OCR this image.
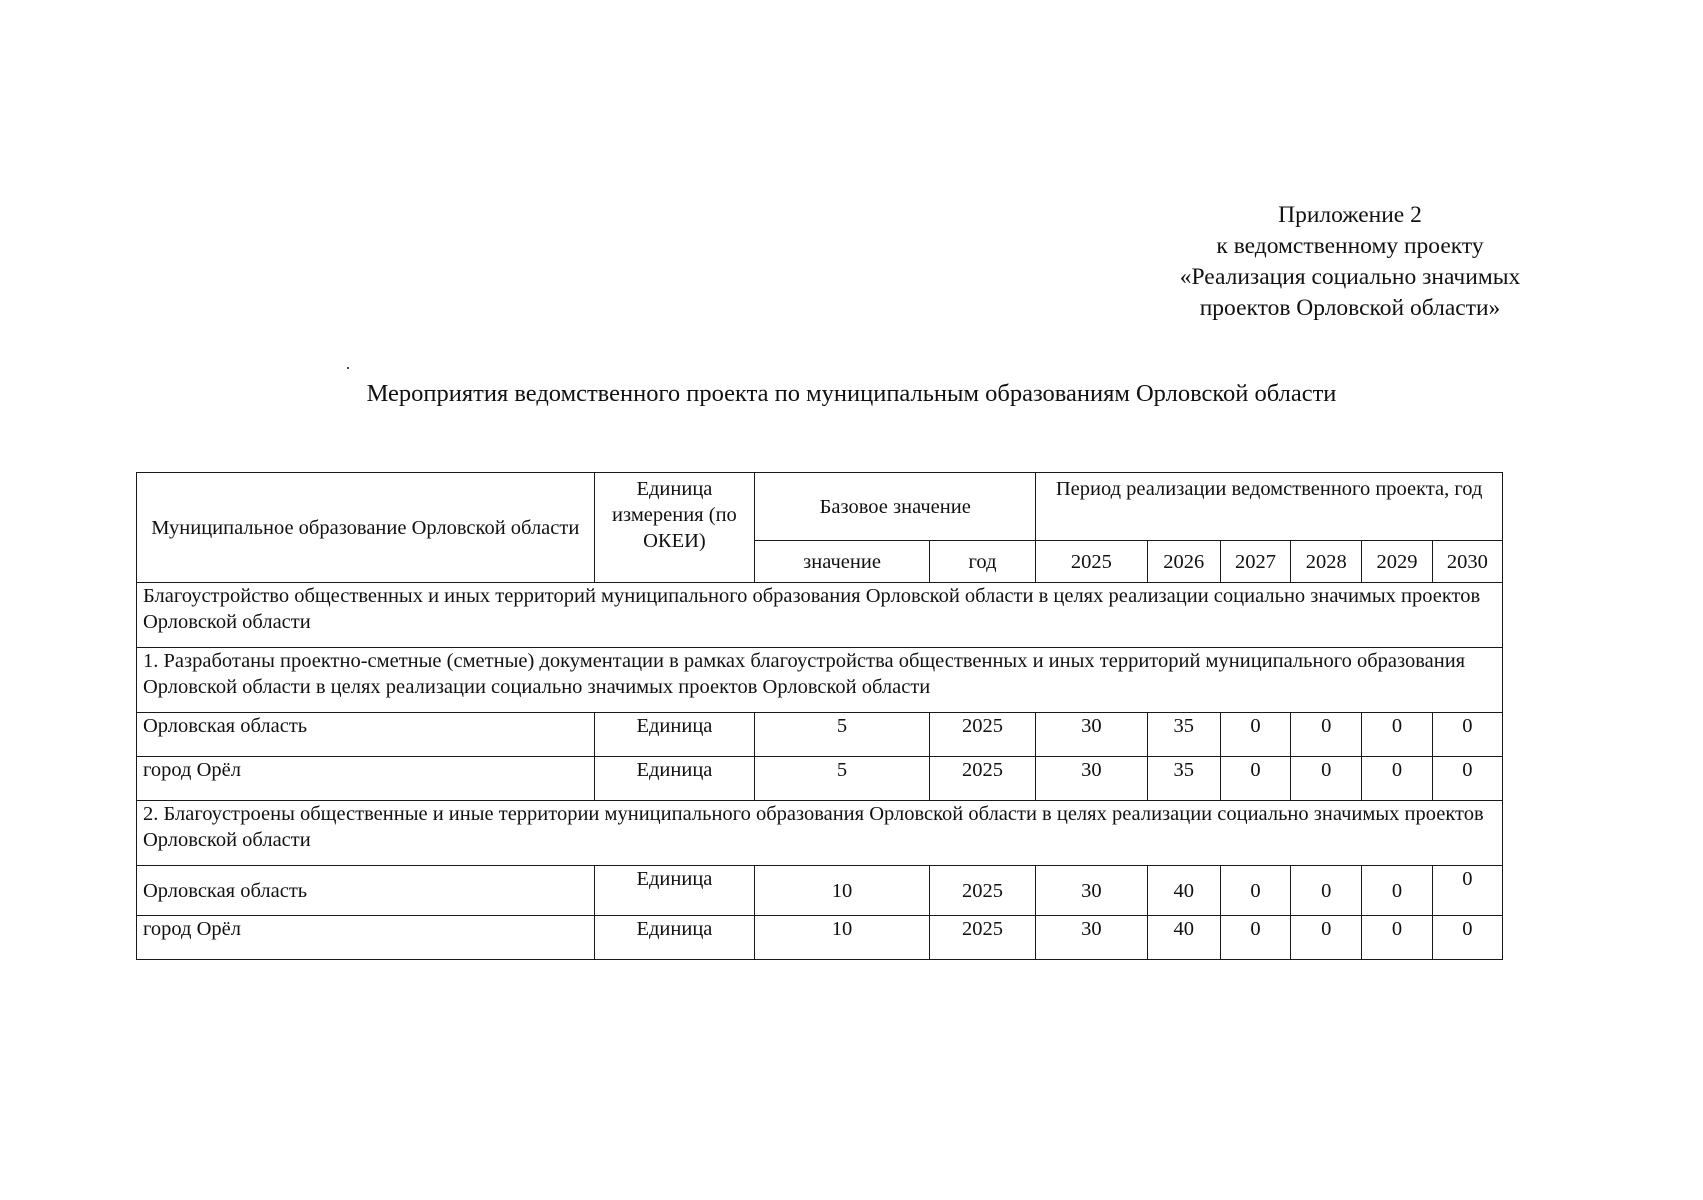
Приложение 2
к ведомственному проекту
«Реализация социально значимых
проектов Орловской области»
Мероприятия ведомственного проекта по муниципальным образованиям Орловской области
Муниципальное образование Орловской области	Единица измерения (по ОКЕИ)	Базовое значение		Период реализации ведомственного проекта, год					
		значение	год	2025	2026	2027	2028	2029	2030
Благоустройство общественных и иных территорий муниципального образования Орловской области в целях реализации социально значимых проектов Орловской области									
1. Разработаны проектно-сметные (сметные) документации в рамках благоустройства общественных и иных территорий муниципального образования Орловской области в целях реализации социально значимых проектов Орловской области									
Орловская область	Единица	5	2025	30	35	0	0	0	0
город Орёл	Единица	5	2025	30	35	0	0	0	0
2. Благоустроены общественные и иные территории муниципального образования Орловской области в целях реализации социально значимых проектов Орловской области									
Орловская область	Единица	10	2025	30	40	0	0	0	0
город Орёл	Единица	10	2025	30	40	0	0	0	0
